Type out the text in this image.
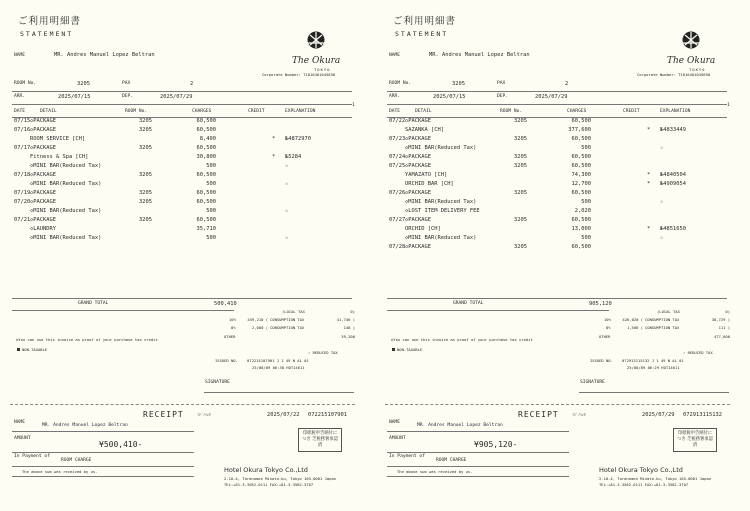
ご利用明細書
STATEMENT
NAME	MR. Andres Manuel Lopez Beltran
The Okura
TOKYO
Corporate Number: T1010401045658
ROOM No.	3205	PAX	2
ARR.	2025/07/15	DEP.	2025/07/29
1
DATE	DETAIL	ROOM No.	CHARGES	CREDIT	EXPLANATION
07/15 ◇PACKAGE	3205	60,500
07/16 ◇PACKAGE	3205	60,500
ROOM SERVICE [CH]	8,400	* №4872970
07/17 ◇PACKAGE	3205	60,500
Fitness & Spa [CH]	30,800	* №5284
◇MINI BAR(Reduced Tax)	500	☆
07/18 ◇PACKAGE	3205	60,500
◇MINI BAR(Reduced Tax)	500	☆
07/19 ◇PACKAGE	3205	60,500
07/20 ◇PACKAGE	3205	60,500
◇MINI BAR(Reduced Tax)	500	☆
07/21 ◇PACKAGE	3205	60,500
◇LAUNDRY	35,710
◇MINI BAR(Reduced Tax)	500	☆
GRAND TOTAL	500,410
(LOCAL TAX	0)
10%	459,210 ( CONSUMPTION TAX	41,746 )
8%	2,000 ( CONSUMPTION TAX	148 )
OTHER	39,200
◎You can use this invoice as proof of your purchase tax credit
NON-TAXABLE
☆ REDUCED TAX
ISSUED NO. 072215107901 J 1 49 N AL 01
25/08/09 06:38 HOT14611
SIGNATURE
RECEIPT	ﾌｼﾞﾉﾊｼﾀ	2025/07/22 072215107901
NAME
MR. Andres Manuel Lopez Beltran
AMOUNT
¥500,410-
In Payment of
ROOM CHARGE
The above sum was received by us.
印紙税申告納付につき 芝税務署承認済
Hotel Okura Tokyo Co.,Ltd
2-10-4, Toranomon Minato-ku, Tokyo 105-0001 Japan
TEL:+81-3-3582-0111 FAX:+81-3-3582-3707
ご利用明細書
STATEMENT
NAME	MR. Andres Manuel Lopez Beltran
The Okura
TOKYO
Corporate Number: T1010401045658
ROOM No.	3205	PAX	2
ARR.	2025/07/15	DEP.	2025/07/29
1
DATE	DETAIL	ROOM No.	CHARGES	CREDIT	EXPLANATION
07/22 ◇PACKAGE	3205	60,500
SAZANKA [CH]	377,600	* №4833449
07/23 ◇PACKAGE	3205	60,500
◇MINI BAR(Reduced Tax)	500	☆
07/24 ◇PACKAGE	3205	60,500
07/25 ◇PACKAGE	3205	60,500
YAMAZATO [CH]	74,300	* №4840504
ORCHID BAR [CH]	12,700	* №4909054
07/26 ◇PACKAGE	3205	60,500
◇MINI BAR(Reduced Tax)	500	☆
◇LOST ITEM DELIVERY FEE	2,020
07/27 ◇PACKAGE	3205	60,500
ORCHID [CH]	13,000	* №4851650
◇MINI BAR(Reduced Tax)	500	☆
07/28 ◇PACKAGE	3205	60,500
GRAND TOTAL	905,120
(LOCAL TAX	0)
10%	426,020 ( CONSUMPTION TAX	38,729 )
8%	1,500 ( CONSUMPTION TAX	111 )
OTHER	477,600
◎You can use this invoice as proof of your purchase tax credit
NON-TAXABLE
☆ REDUCED TAX
ISSUED NO. 072913115132 J 1 49 N AL 01
25/08/09 06:29 HOT14611
SIGNATURE
RECEIPT	ﾌｼﾞﾉﾊｼﾀ	2025/07/29 072913115132
NAME
MR. Andres Manuel Lopez Beltran
AMOUNT
¥905,120-
In Payment of
ROOM CHARGE
The above sum was received by us.
印紙税申告納付につき 芝税務署承認済
Hotel Okura Tokyo Co.,Ltd
2-10-4, Toranomon Minato-ku, Tokyo 105-0001 Japan
TEL:+81-3-3582-0111 FAX:+81-3-3582-3707
